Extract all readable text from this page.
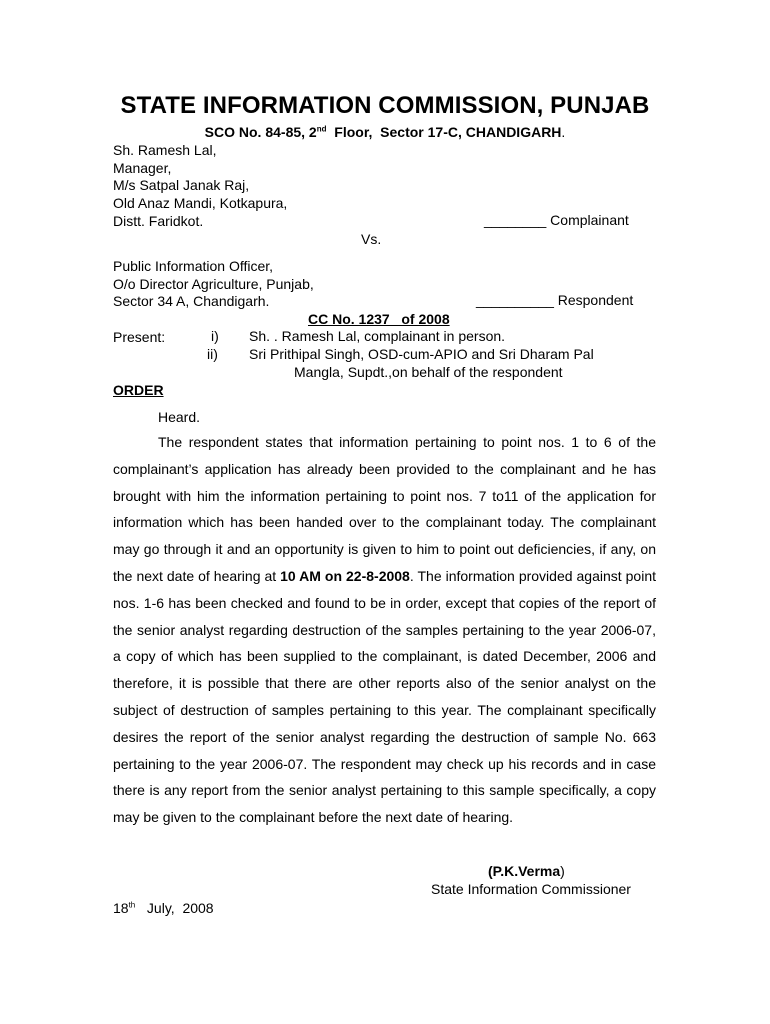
STATE INFORMATION COMMISSION, PUNJAB
SCO No. 84-85, 2nd  Floor,  Sector 17-C, CHANDIGARH.
Sh. Ramesh Lal,
Manager,
M/s Satpal Janak Raj,
Old Anaz Mandi, Kotkapura,
Distt. Faridkot.	________ Complainant
Vs.
Public Information Officer,
O/o Director Agriculture, Punjab,
Sector 34 A, Chandigarh.	__________ Respondent
CC No. 1237   of 2008
Present:	i) Sh. . Ramesh Lal, complainant in person.
ii) Sri Prithipal Singh, OSD-cum-APIO and Sri Dharam Pal
Mangla, Supdt.,on behalf of the respondent
ORDER
Heard.

The respondent states that information pertaining to point nos. 1 to 6 of the complainant’s application has already been provided to the complainant and he has brought with him the information pertaining to point nos. 7 to11 of the application for information which has been handed over to the complainant today. The complainant may go through it and an opportunity is given to him to point out deficiencies, if any, on the next date of hearing at 10 AM on 22-8-2008. The information provided against point nos. 1-6 has been checked and found to be in order, except that copies of the report of the senior analyst regarding destruction of the samples pertaining to the year 2006-07, a copy of which has been supplied to the complainant, is dated December, 2006 and therefore, it is possible that there are other reports also of the senior analyst on the subject of destruction of samples pertaining to this year. The complainant specifically desires the report of the senior analyst regarding the destruction of sample No. 663 pertaining to the year 2006-07. The respondent may check up his records and in case there is any report from the senior analyst pertaining to this sample specifically, a copy may be given to the complainant before the next date of hearing.

(P.K.Verma)
State Information Commissioner
18th   July,  2008
